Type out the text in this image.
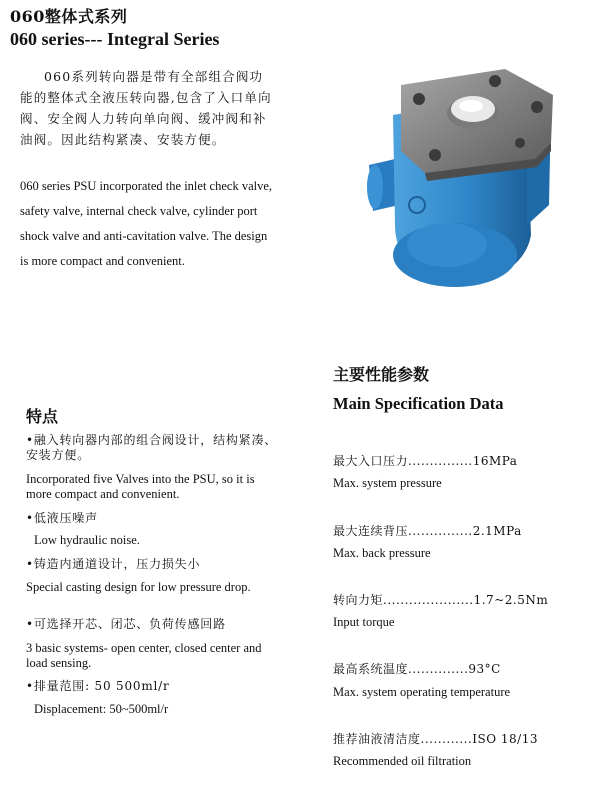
060整体式系列
060 series--- Integral Series
060系列转向器是带有全部组合阀功能的整体式全液压转向器,包含了入口单向阀、安全阀人力转向单向阀、缓冲阀和补油阀。因此结构紧凑、安装方便。
060 series PSU incorporated the inlet check valve, safety valve, internal check valve, cylinder port shock valve and anti-cavitation valve. The design is more compact and convenient.
特点
•融入转向器内部的组合阀设计，结构紧凑、安装方便。
Incorporated five Valves into the PSU, so it is more compact and convenient.
•低液压噪声
Low hydraulic noise.
•铸造内通道设计，压力损失小
Special casting design for low pressure drop.
•可选择开芯、闭芯、负荷传感回路
3 basic systems- open center, closed center and load sensing.
•排量范围: 50 500ml/r
Displacement: 50~500ml/r
主要性能参数
Main Specification Data
最大入口压力...............16MPa
Max. system pressure
最大连续背压...............2.1MPa
Max. back pressure
转向力矩.....................1.7~2.5Nm
Input torque
最高系统温度..............93°C
Max. system operating temperature
推荐油液清洁度............ISO 18/13
Recommended oil filtration
